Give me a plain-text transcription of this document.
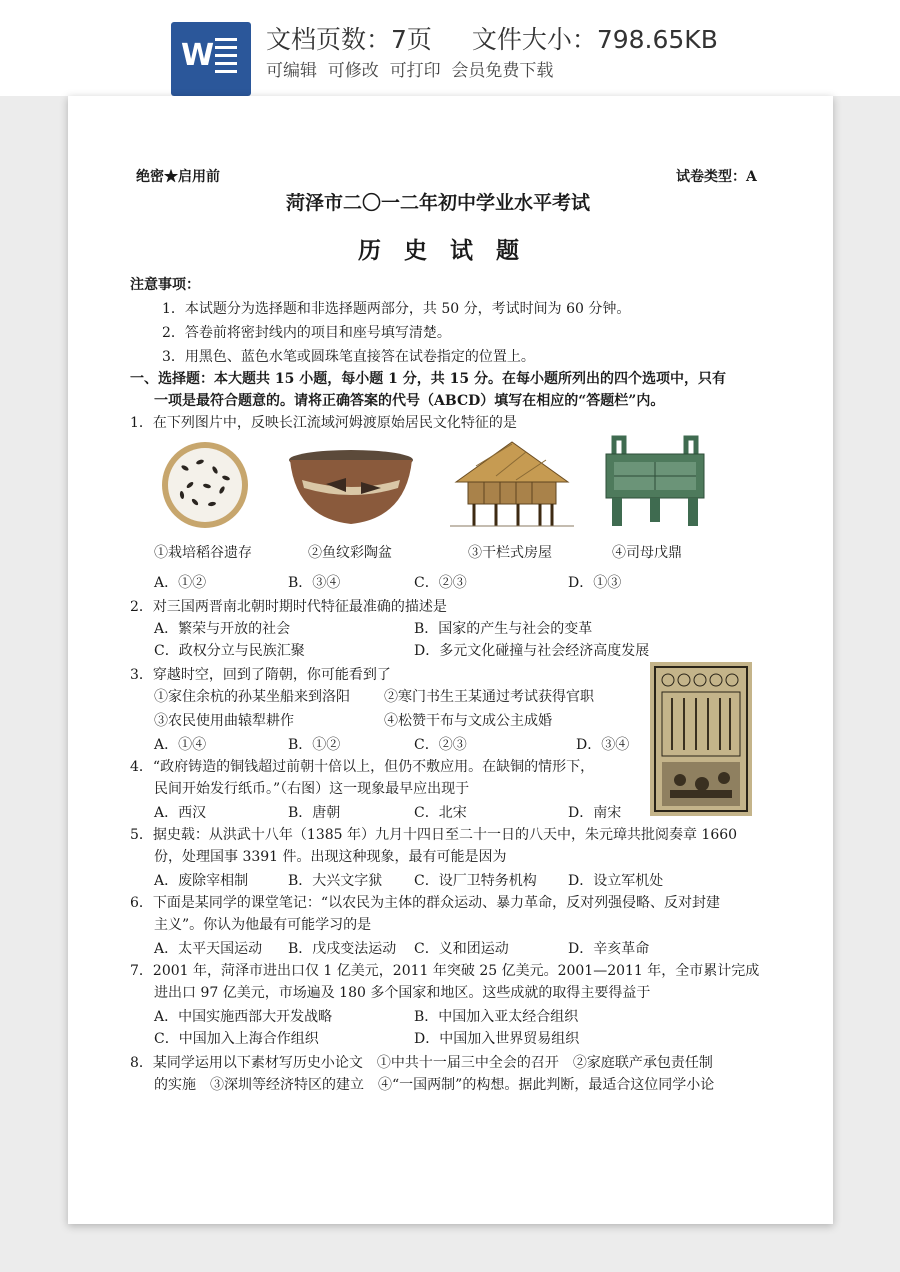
W 文档页数：7页 文件大小：798.65KB
可编辑  可修改  可打印  会员免费下载
绝密★启用前	试卷类型：A
菏泽市二〇一二年初中学业水平考试
历　史　试　题
注意事项：
1．本试题分为选择题和非选择题两部分，共 50 分，考试时间为 60 分钟。
2．答卷前将密封线内的项目和座号填写清楚。
3．用黑色、蓝色水笔或圆珠笔直接答在试卷指定的位置上。
一、选择题：本大题共 15 小题，每小题 1 分，共 15 分。在每小题所列出的四个选项中，只有
一项是最符合题意的。请将正确答案的代号（ABCD）填写在相应的“答题栏”内。
1．在下列图片中，反映长江流域河姆渡原始居民文化特征的是
①栽培稻谷遗存	②鱼纹彩陶盆	③干栏式房屋	④司母戊鼎
A．①②	B．③④	C．②③	D．①③
2．对三国两晋南北朝时期时代特征最准确的描述是
A．繁荣与开放的社会	B．国家的产生与社会的变革
C．政权分立与民族汇聚	D．多元文化碰撞与社会经济高度发展
3．穿越时空，回到了隋朝，你可能看到了
①家住余杭的孙某坐船来到洛阳 ②寒门书生王某通过考试获得官职
③农民使用曲辕犁耕作	④松赞干布与文成公主成婚
A．①④	B．①②	C．②③	D．③④
4．“政府铸造的铜钱超过前朝十倍以上，但仍不敷应用。在缺铜的情形下，
民间开始发行纸币。”（右图）这一现象最早应出现于
A．西汉	B．唐朝	C．北宋	D．南宋
5．据史载：从洪武十八年（1385 年）九月十四日至二十一日的八天中，朱元璋共批阅奏章 1660
份，处理国事 3391 件。出现这种现象，最有可能是因为
A．废除宰相制	B．大兴文字狱 C．设厂卫特务机构 D．设立军机处
6．下面是某同学的课堂笔记：“以农民为主体的群众运动、暴力革命，反对列强侵略、反对封建
主义”。你认为他最有可能学习的是
A．太平天国运动 B．戊戌变法运动 C．义和团运动	D．辛亥革命
7．2001 年，菏泽市进出口仅 1 亿美元，2011 年突破 25 亿美元。2001—2011 年，全市累计完成
进出口 97 亿美元，市场遍及 180 多个国家和地区。这些成就的取得主要得益于
A．中国实施西部大开发战略	B．中国加入亚太经合组织
C．中国加入上海合作组织	D．中国加入世界贸易组织
8．某同学运用以下素材写历史小论文　①中共十一届三中全会的召开　②家庭联产承包责任制
的实施　③深圳等经济特区的建立　④“一国两制”的构想。据此判断，最适合这位同学小论
